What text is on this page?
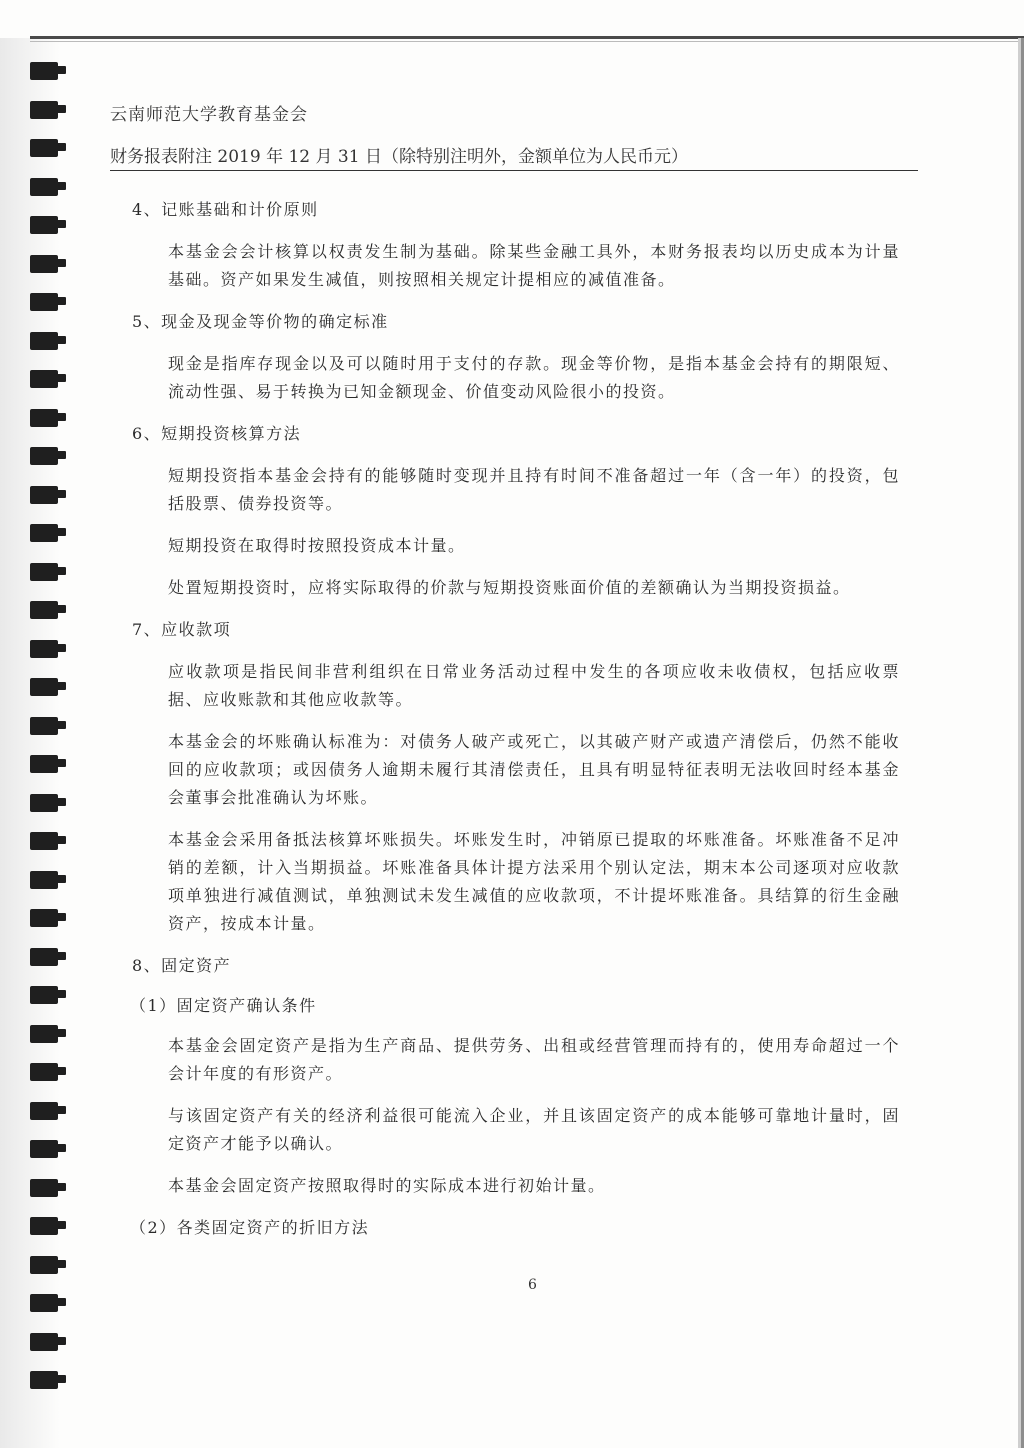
云南师范大学教育基金会
财务报表附注 2019 年 12 月 31 日（除特别注明外，金额单位为人民币元）

4、记账基础和计价原则

本基金会会计核算以权责发生制为基础。除某些金融工具外，本财务报表均以历史成本为计量基础。资产如果发生减值，则按照相关规定计提相应的减值准备。

5、现金及现金等价物的确定标准

现金是指库存现金以及可以随时用于支付的存款。现金等价物，是指本基金会持有的期限短、流动性强、易于转换为已知金额现金、价值变动风险很小的投资。

6、短期投资核算方法

短期投资指本基金会持有的能够随时变现并且持有时间不准备超过一年（含一年）的投资，包括股票、债券投资等。

短期投资在取得时按照投资成本计量。

处置短期投资时，应将实际取得的价款与短期投资账面价值的差额确认为当期投资损益。

7、应收款项

应收款项是指民间非营利组织在日常业务活动过程中发生的各项应收未收债权，包括应收票据、应收账款和其他应收款等。

本基金会的坏账确认标准为：对债务人破产或死亡，以其破产财产或遗产清偿后，仍然不能收回的应收款项；或因债务人逾期未履行其清偿责任，且具有明显特征表明无法收回时经本基金会董事会批准确认为坏账。

本基金会采用备抵法核算坏账损失。坏账发生时，冲销原已提取的坏账准备。坏账准备不足冲销的差额，计入当期损益。坏账准备具体计提方法采用个别认定法，期末本公司逐项对应收款项单独进行减值测试，单独测试未发生减值的应收款项，不计提坏账准备。具结算的衍生金融资产，按成本计量。

8、固定资产

（1）固定资产确认条件

本基金会固定资产是指为生产商品、提供劳务、出租或经营管理而持有的，使用寿命超过一个会计年度的有形资产。

与该固定资产有关的经济利益很可能流入企业，并且该固定资产的成本能够可靠地计量时，固定资产才能予以确认。

本基金会固定资产按照取得时的实际成本进行初始计量。

（2）各类固定资产的折旧方法

6
